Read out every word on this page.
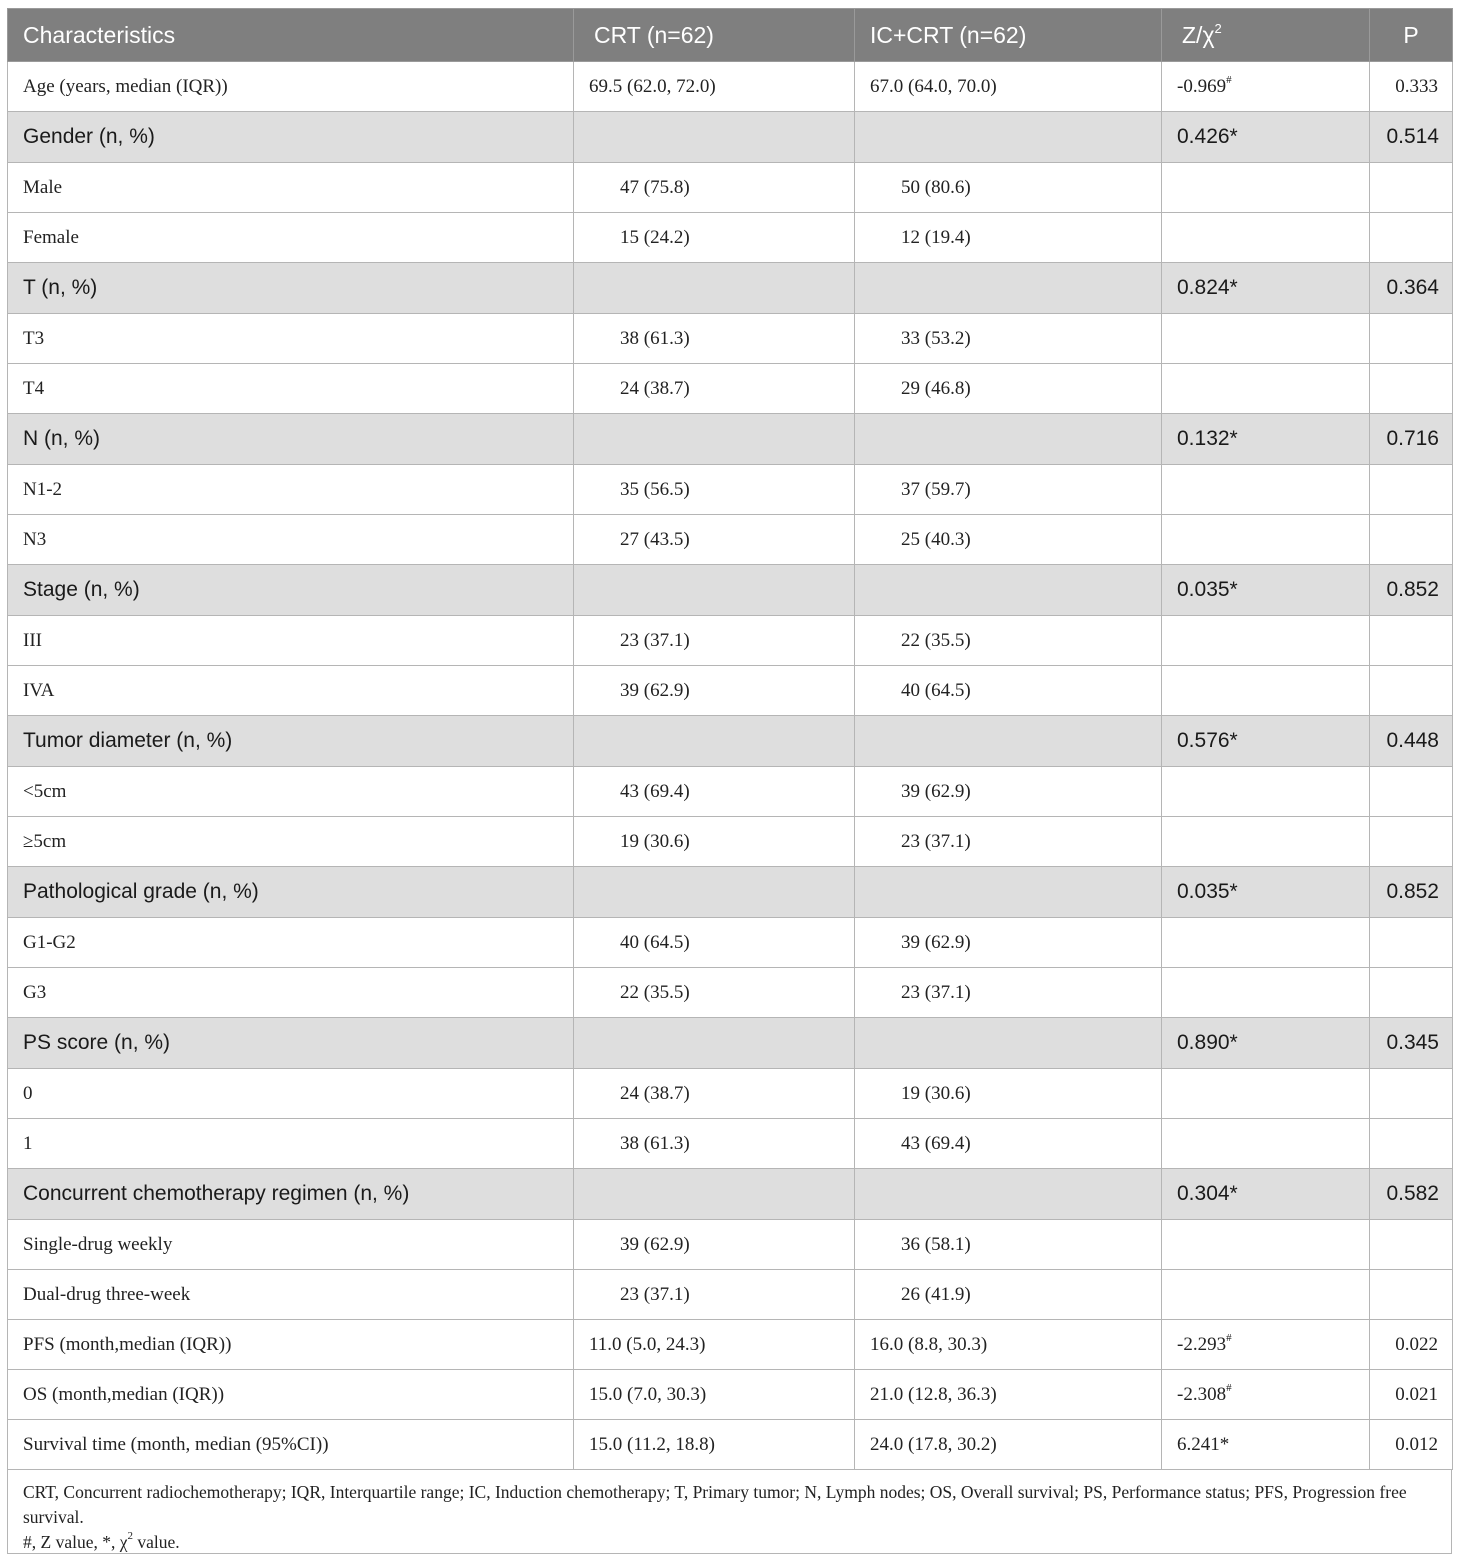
Characteristics	CRT (n=62)	IC+CRT (n=62)	$Z/\chi^2$	P
Age (years, median (IQR))	69.5 (62.0, 72.0)	67.0 (64.0, 70.0)	-0.969#	0.333
Gender (n, %)			0.426*	0.514
Male	47 (75.8)	50 (80.6)		
Female	15 (24.2)	12 (19.4)		
T (n, %)			0.824*	0.364
T3	38 (61.3)	33 (53.2)		
T4	24 (38.7)	29 (46.8)		
N (n, %)			0.132*	0.716
N1-2	35 (56.5)	37 (59.7)		
N3	27 (43.5)	25 (40.3)		
Stage (n, %)			0.035*	0.852
III	23 (37.1)	22 (35.5)		
IVA	39 (62.9)	40 (64.5)		
Tumor diameter (n, %)			0.576*	0.448
<5cm	43 (69.4)	39 (62.9)		
≥5cm	19 (30.6)	23 (37.1)		
Pathological grade (n, %)			0.035*	0.852
G1-G2	40 (64.5)	39 (62.9)		
G3	22 (35.5)	23 (37.1)		
PS score (n, %)			0.890*	0.345
0	24 (38.7)	19 (30.6)		
1	38 (61.3)	43 (69.4)		
Concurrent chemotherapy regimen (n, %)			0.304*	0.582
Single-drug weekly	39 (62.9)	36 (58.1)		
Dual-drug three-week	23 (37.1)	26 (41.9)		
PFS (month,median (IQR))	11.0 (5.0, 24.3)	16.0 (8.8, 30.3)	-2.293#	0.022
OS (month,median (IQR))	15.0 (7.0, 30.3)	21.0 (12.8, 36.3)	-2.308#	0.021
Survival time (month, median (95%CI))	15.0 (11.2, 18.8)	24.0 (17.8, 30.2)	6.241*	0.012
CRT, Concurrent radiochemotherapy; IQR, Interquartile range; IC, Induction chemotherapy; T, Primary tumor; N, Lymph nodes; OS, Overall survival; PS, Performance status; PFS, Progression free survival.
#, Z value, *, $\chi^2$ value.
